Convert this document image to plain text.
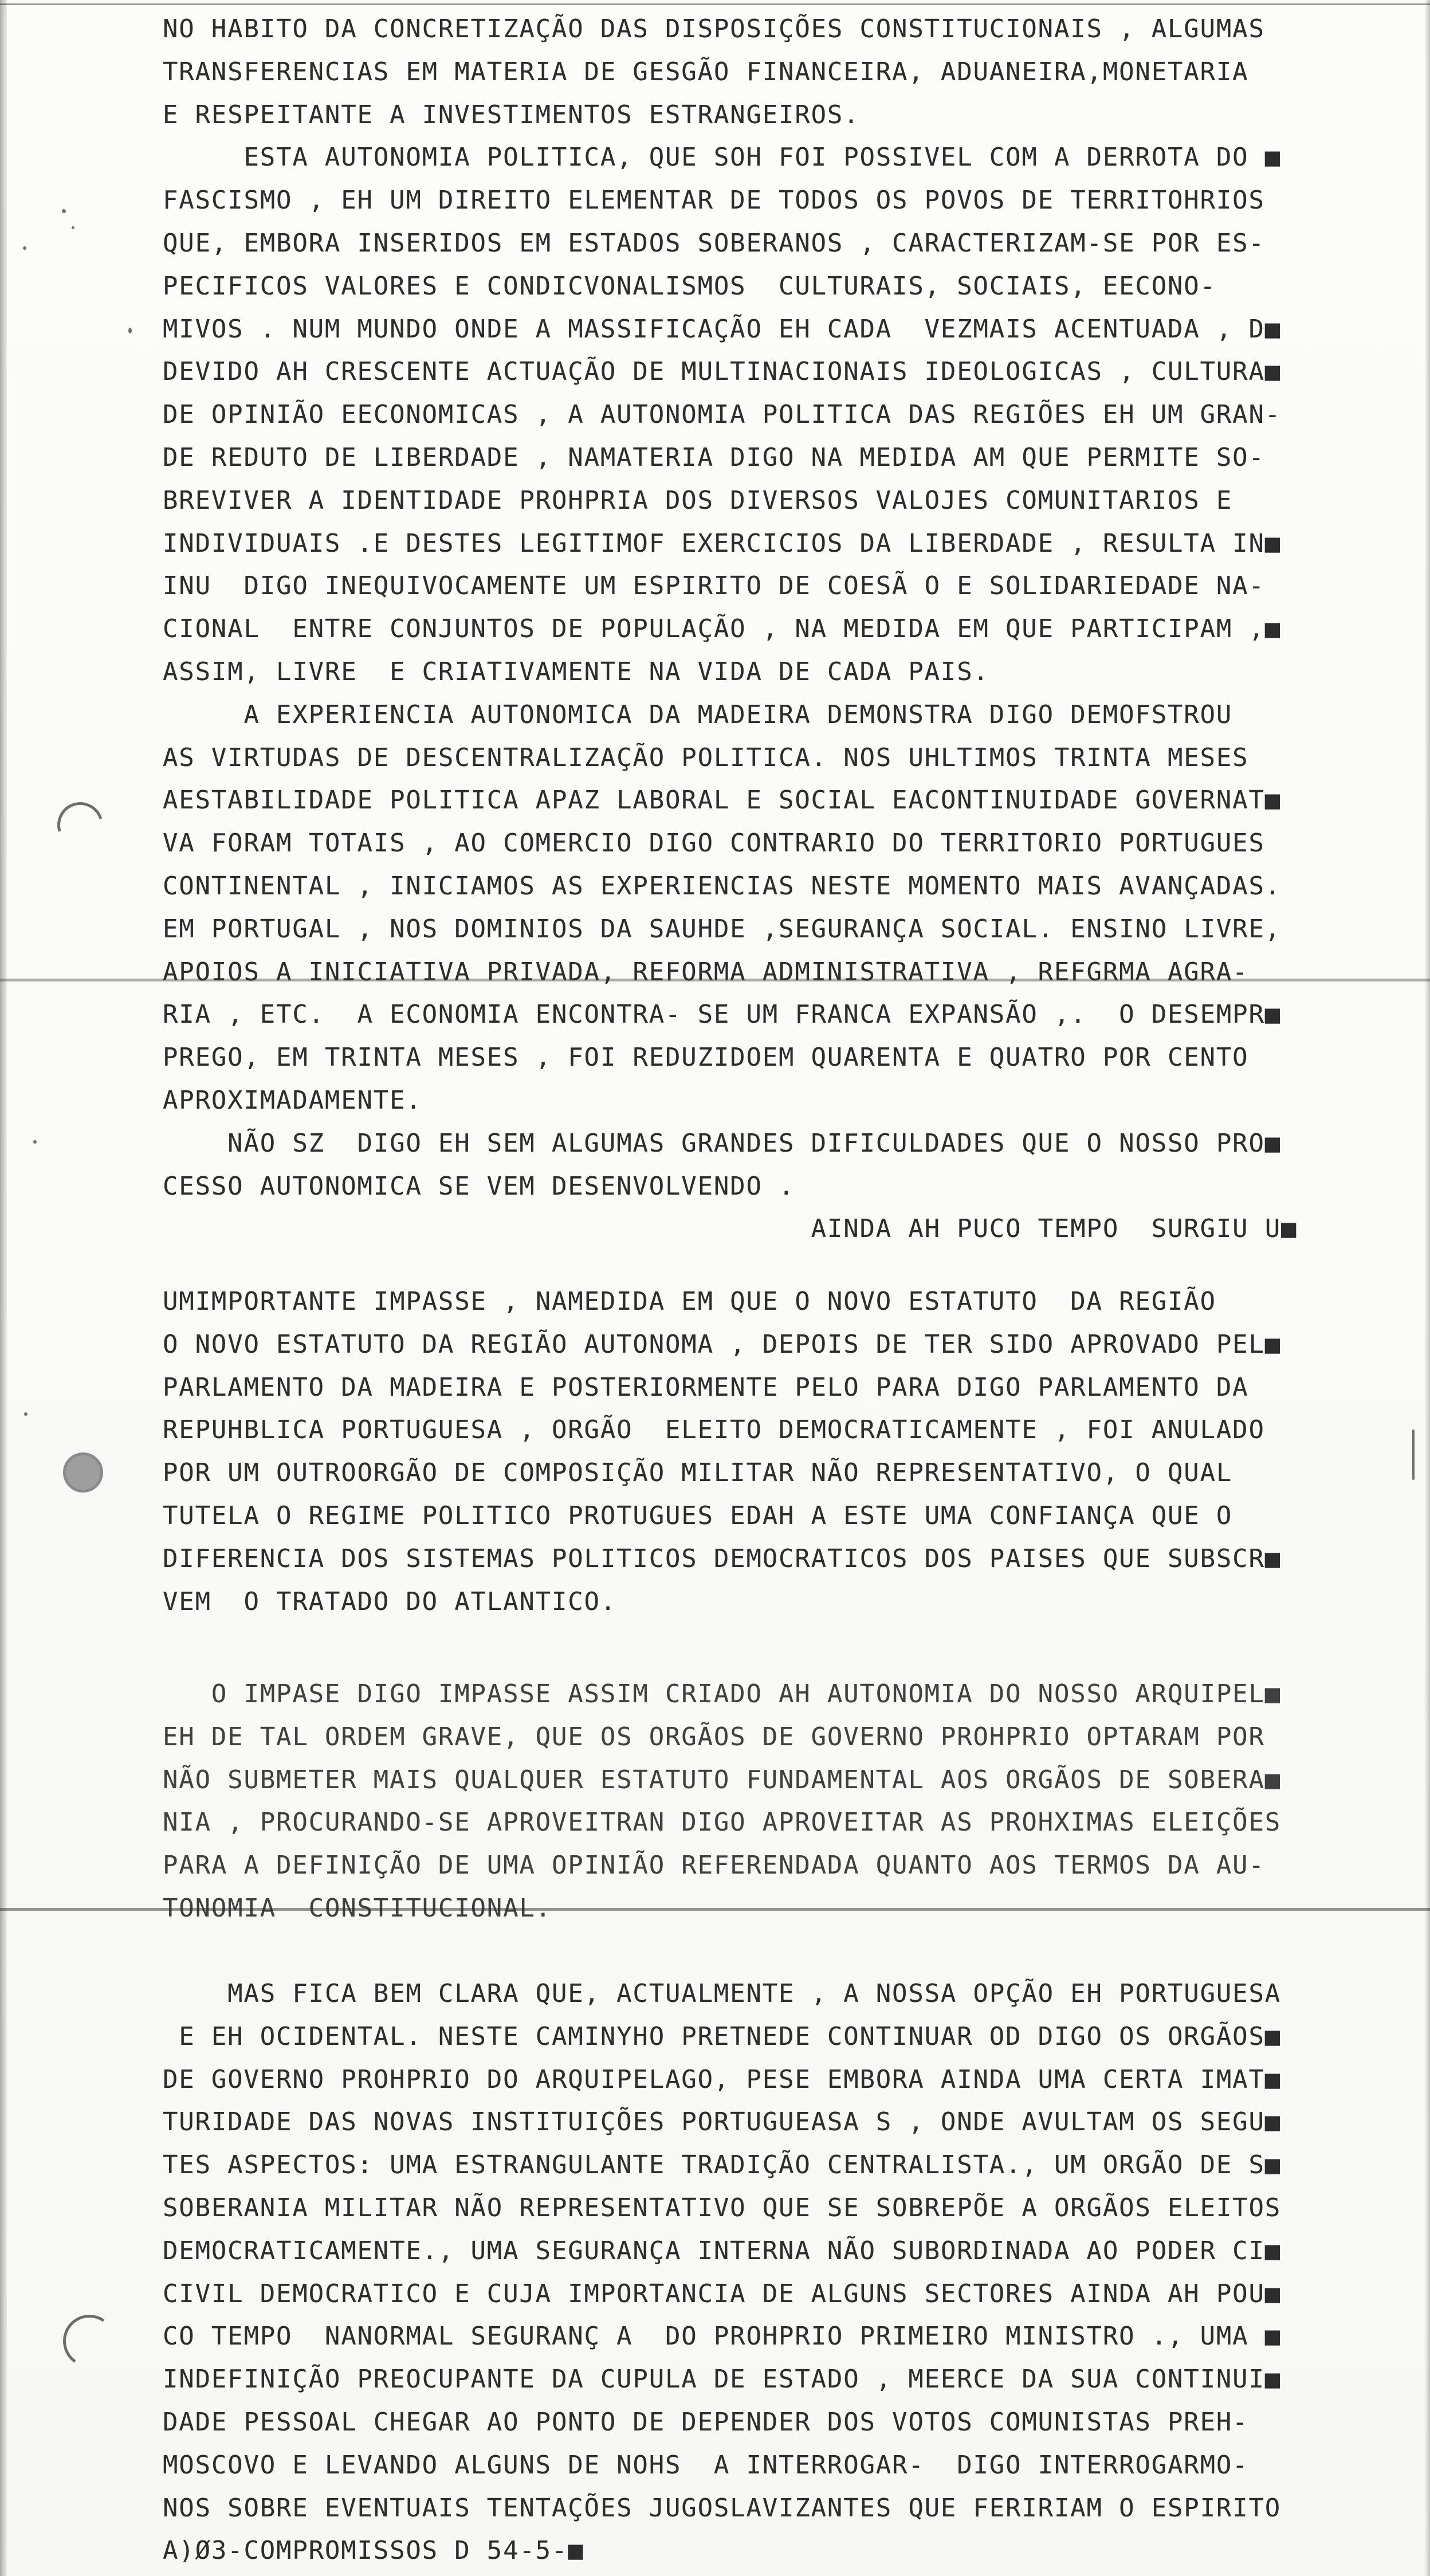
NO HABITO DA CONCRETIZAÇÃO DAS DISPOSIÇÕES CONSTITUCIONAIS , ALGUMAS
TRANSFERENCIAS EM MATERIA DE GESGÃO FINANCEIRA, ADUANEIRA,MONETARIA
E RESPEITANTE A INVESTIMENTOS ESTRANGEIROS.
ESTA AUTONOMIA POLITICA, QUE SOH FOI POSSIVEL COM A DERROTA DO ■
FASCISMO , EH UM DIREITO ELEMENTAR DE TODOS OS POVOS DE TERRITOHRIOS
QUE, EMBORA INSERIDOS EM ESTADOS SOBERANOS , CARACTERIZAM-SE POR ES-
PECIFICOS VALORES E CONDICVONALISMOS  CULTURAIS, SOCIAIS, EECONO-
MIVOS . NUM MUNDO ONDE A MASSIFICAÇÃO EH CADA  VEZMAIS ACENTUADA , D■
DEVIDO AH CRESCENTE ACTUAÇÃO DE MULTINACIONAIS IDEOLOGICAS , CULTURA■
DE OPINIÃO EECONOMICAS , A AUTONOMIA POLITICA DAS REGIÕES EH UM GRAN-
DE REDUTO DE LIBERDADE , NAMATERIA DIGO NA MEDIDA AM QUE PERMITE SO-
BREVIVER A IDENTIDADE PROHPRIA DOS DIVERSOS VALOJES COMUNITARIOS E
INDIVIDUAIS .E DESTES LEGITIMOF EXERCICIOS DA LIBERDADE , RESULTA IN■
INU  DIGO INEQUIVOCAMENTE UM ESPIRITO DE COESÃ O E SOLIDARIEDADE NA-
CIONAL  ENTRE CONJUNTOS DE POPULAÇÃO , NA MEDIDA EM QUE PARTICIPAM ,■
ASSIM, LIVRE  E CRIATIVAMENTE NA VIDA DE CADA PAIS.
A EXPERIENCIA AUTONOMICA DA MADEIRA DEMONSTRA DIGO DEMOFSTROU
AS VIRTUDAS DE DESCENTRALIZAÇÃO POLITICA. NOS UHLTIMOS TRINTA MESES
AESTABILIDADE POLITICA APAZ LABORAL E SOCIAL EACONTINUIDADE GOVERNAT■
VA FORAM TOTAIS , AO COMERCIO DIGO CONTRARIO DO TERRITORIO PORTUGUES
CONTINENTAL , INICIAMOS AS EXPERIENCIAS NESTE MOMENTO MAIS AVANÇADAS.
EM PORTUGAL , NOS DOMINIOS DA SAUHDE ,SEGURANÇA SOCIAL. ENSINO LIVRE,
APOIOS A INICIATIVA PRIVADA, REFORMA ADMINISTRATIVA , REFGRMA AGRA-
RIA , ETC.  A ECONOMIA ENCONTRA- SE UM FRANCA EXPANSÃO ,.  O DESEMPR■
PREGO, EM TRINTA MESES , FOI REDUZIDOEM QUARENTA E QUATRO POR CENTO
APROXIMADAMENTE.
NÃO SZ  DIGO EH SEM ALGUMAS GRANDES DIFICULDADES QUE O NOSSO PRO■
CESSO AUTONOMICA SE VEM DESENVOLVENDO .
AINDA AH PUCO TEMPO  SURGIU U■
UMIMPORTANTE IMPASSE , NAMEDIDA EM QUE O NOVO ESTATUTO  DA REGIÃO
O NOVO ESTATUTO DA REGIÃO AUTONOMA , DEPOIS DE TER SIDO APROVADO PEL■
PARLAMENTO DA MADEIRA E POSTERIORMENTE PELO PARA DIGO PARLAMENTO DA
REPUHBLICA PORTUGUESA , ORGÃO  ELEITO DEMOCRATICAMENTE , FOI ANULADO
POR UM OUTROORGÃO DE COMPOSIÇÃO MILITAR NÃO REPRESENTATIVO, O QUAL
TUTELA O REGIME POLITICO PROTUGUES EDAH A ESTE UMA CONFIANÇA QUE O
DIFERENCIA DOS SISTEMAS POLITICOS DEMOCRATICOS DOS PAISES QUE SUBSCR■
VEM  O TRATADO DO ATLANTICO.
O IMPASE DIGO IMPASSE ASSIM CRIADO AH AUTONOMIA DO NOSSO ARQUIPEL■
EH DE TAL ORDEM GRAVE, QUE OS ORGÃOS DE GOVERNO PROHPRIO OPTARAM POR
NÃO SUBMETER MAIS QUALQUER ESTATUTO FUNDAMENTAL AOS ORGÃOS DE SOBERA■
NIA , PROCURANDO-SE APROVEITRAN DIGO APROVEITAR AS PROHXIMAS ELEIÇÕES
PARA A DEFINIÇÃO DE UMA OPINIÃO REFERENDADA QUANTO AOS TERMOS DA AU-
TONOMIA  CONSTITUCIONAL.
MAS FICA BEM CLARA QUE, ACTUALMENTE , A NOSSA OPÇÃO EH PORTUGUESA
E EH OCIDENTAL. NESTE CAMINYHO PRETNEDE CONTINUAR OD DIGO OS ORGÃOS■
DE GOVERNO PROHPRIO DO ARQUIPELAGO, PESE EMBORA AINDA UMA CERTA IMAT■
TURIDADE DAS NOVAS INSTITUIÇÕES PORTUGUEASA S , ONDE AVULTAM OS SEGU■
TES ASPECTOS: UMA ESTRANGULANTE TRADIÇÃO CENTRALISTA., UM ORGÃO DE S■
SOBERANIA MILITAR NÃO REPRESENTATIVO QUE SE SOBREPÕE A ORGÃOS ELEITOS
DEMOCRATICAMENTE., UMA SEGURANÇA INTERNA NÃO SUBORDINADA AO PODER CI■
CIVIL DEMOCRATICO E CUJA IMPORTANCIA DE ALGUNS SECTORES AINDA AH POU■
CO TEMPO  NANORMAL SEGURANÇ A  DO PROHPRIO PRIMEIRO MINISTRO ., UMA ■
INDEFINIÇÃO PREOCUPANTE DA CUPULA DE ESTADO , MEERCE DA SUA CONTINUI■
DADE PESSOAL CHEGAR AO PONTO DE DEPENDER DOS VOTOS COMUNISTAS PREH-
MOSCOVO E LEVANDO ALGUNS DE NOHS  A INTERROGAR-  DIGO INTERROGARMO-
NOS SOBRE EVENTUAIS TENTAÇÕES JUGOSLAVIZANTES QUE FERIRIAM O ESPIRITO
A)Ø3-COMPROMISSOS D 54-5-■
